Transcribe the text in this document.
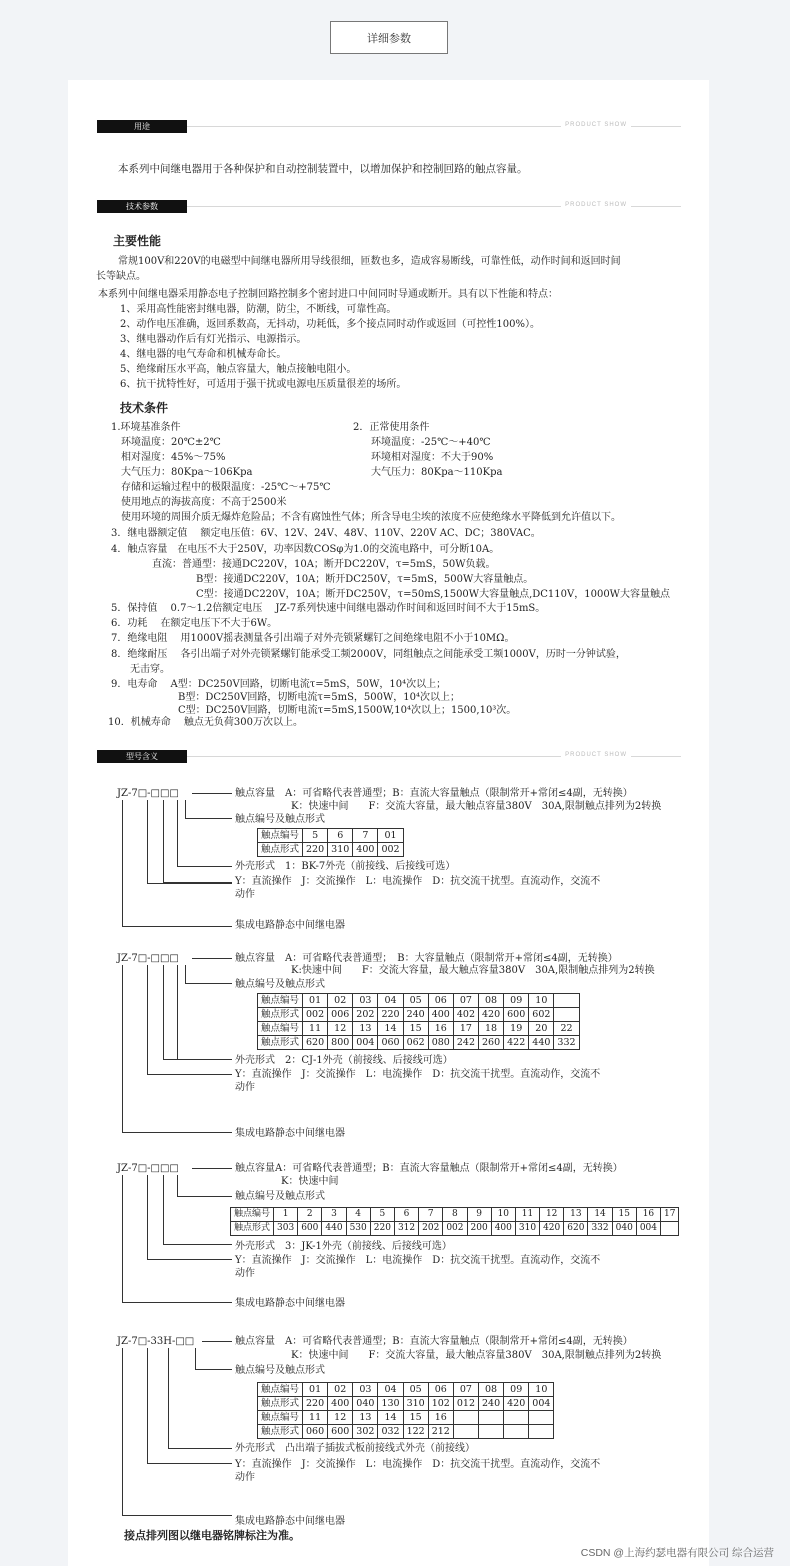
详细参数
用途	PRODUCT SHOW
本系列中间继电器用于各种保护和自动控制装置中，以增加保护和控制回路的触点容量。
技术参数	PRODUCT SHOW
主要性能
常规100V和220V的电磁型中间继电器所用导线很细，匝数也多，造成容易断线，可靠性低，动作时间和返回时间
长等缺点。
本系列中间继电器采用静态电子控制回路控制多个密封进口中间同时导通或断开。具有以下性能和特点：
1、采用高性能密封继电器，防潮，防尘，不断线，可靠性高。
2、动作电压准确，返回系数高，无抖动，功耗低，多个接点同时动作或返回（可控性100%）。
3、继电器动作后有灯光指示、电源指示。
4、继电器的电气寿命和机械寿命长。
5、绝缘耐压水平高，触点容量大，触点接触电阻小。
6、抗干扰特性好，可适用于强干扰或电源电压质量很差的场所。
技术条件
1.环境基准条件
环境温度：20℃±2℃
相对湿度：45%～75%
大气压力：80Kpa～106Kpa
2．正常使用条件
环境温度：-25℃～+40℃
环境相对湿度：不大于90%
大气压力：80Kpa～110Kpa
存储和运输过程中的极限温度：-25℃～+75℃
使用地点的海拔高度：不高于2500米
使用环境的周围介质无爆炸危险品；不含有腐蚀性气体；所含导电尘埃的浓度不应使绝缘水平降低到允许值以下。
3．继电器额定值　 额定电压值：6V、12V、24V、48V、110V、220V AC、DC；380VAC。
4．触点容量　在电压不大于250V，功率因数COSφ为1.0的交流电路中，可分断10A。
直流：普通型：接通DC220V，10A；断开DC220V，τ=5mS，50W负载。
B型：接通DC220V，10A；断开DC250V，τ=5mS，500W大容量触点。
C型：接通DC220V，10A；断开DC250V，τ=50mS,1500W大容量触点,DC110V，1000W大容量触点
5．保持值　 0.7～1.2倍额定电压　 JZ-7系列快速中间继电器动作时间和返回时间不大于15mS。
6．功耗　 在额定电压下不大于6W。
7．绝缘电阻　 用1000V摇表测量各引出端子对外壳锁紧螺钉之间绝缘电阻不小于10MΩ。
8．绝缘耐压　 各引出端子对外壳锁紧螺钉能承受工频2000V，同组触点之间能承受工频1000V，历时一分钟试验，
无击穿。
9．电寿命　 A型：DC250V回路，切断电流τ=5mS，50W，10⁴次以上；
B型：DC250V回路，切断电流τ=5mS，500W，10⁴次以上；
C型：DC250V回路，切断电流τ=5mS,1500W,10⁴次以上；1500,10³次。
10．机械寿命　 触点无负荷300万次以上。
型号含义	PRODUCT SHOW
JZ-7□-□□□	触点容量　A：可省略代表普通型；B：直流大容量触点（限制常开+常闭≤4副，无转换）
K：快速中间　　F：交流大容量，最大触点容量380V　30A,限制触点排列为2转换
触点编号及触点形式
触点编号	5	6	7	01
触点形式	220	310	400	002
外壳形式　1：BK-7外壳（前接线、后接线可选）
Y：直流操作　J：交流操作　L：电流操作　D：抗交流干扰型。直流动作，交流不
动作
集成电路静态中间继电器
JZ-7□-□□□	触点容量　A：可省略代表普通型；　B：大容量触点（限制常开+常闭≤4副，无转换）
K:快速中间　　F：交流大容量，最大触点容量380V　30A,限制触点排列为2转换
触点编号及触点形式
触点编号	01	02	03	04	05	06	07	08	09	10	
触点形式	002	006	202	220	240	400	402	420	600	602	
触点编号	11	12	13	14	15	16	17	18	19	20	22
触点形式	620	800	004	060	062	080	242	260	422	440	332
外壳形式　2：CJ-1外壳（前接线、后接线可选）
Y：直流操作　J：交流操作　L：电流操作　D：抗交流干扰型。直流动作，交流不
动作
集成电路静态中间继电器
JZ-7□-□□□	触点容量A：可省略代表普通型；B：直流大容量触点（限制常开+常闭≤4副，无转换）
K：快速中间
触点编号及触点形式
触点编号	1	2	3	4	5	6	7	8	9	10	11	12	13	14	15	16	17
触点形式	303	600	440	530	220	312	202	002	200	400	310	420	620	332	040	004	
外壳形式　3：JK-1外壳（前接线、后接线可选）
Y：直流操作　J：交流操作　L：电流操作　D：抗交流干扰型。直流动作，交流不
动作
集成电路静态中间继电器
JZ-7□-33H-□□	触点容量　A：可省略代表普通型；B：直流大容量触点（限制常开+常闭≤4副，无转换）
K：快速中间　　F：交流大容量，最大触点容量380V　30A,限制触点排列为2转换
触点编号及触点形式
触点编号	01	02	03	04	05	06	07	08	09	10
触点形式	220	400	040	130	310	102	012	240	420	004
触点编号	11	12	13	14	15	16				
触点形式	060	600	302	032	122	212				
外壳形式　凸出端子插拔式板前接线式外壳（前接线）
Y：直流操作　J：交流操作　L：电流操作　D：抗交流干扰型。直流动作，交流不
动作
集成电路静态中间继电器
接点排列图以继电器铭牌标注为准。
CSDN @上海约瑟电器有限公司 综合运营
